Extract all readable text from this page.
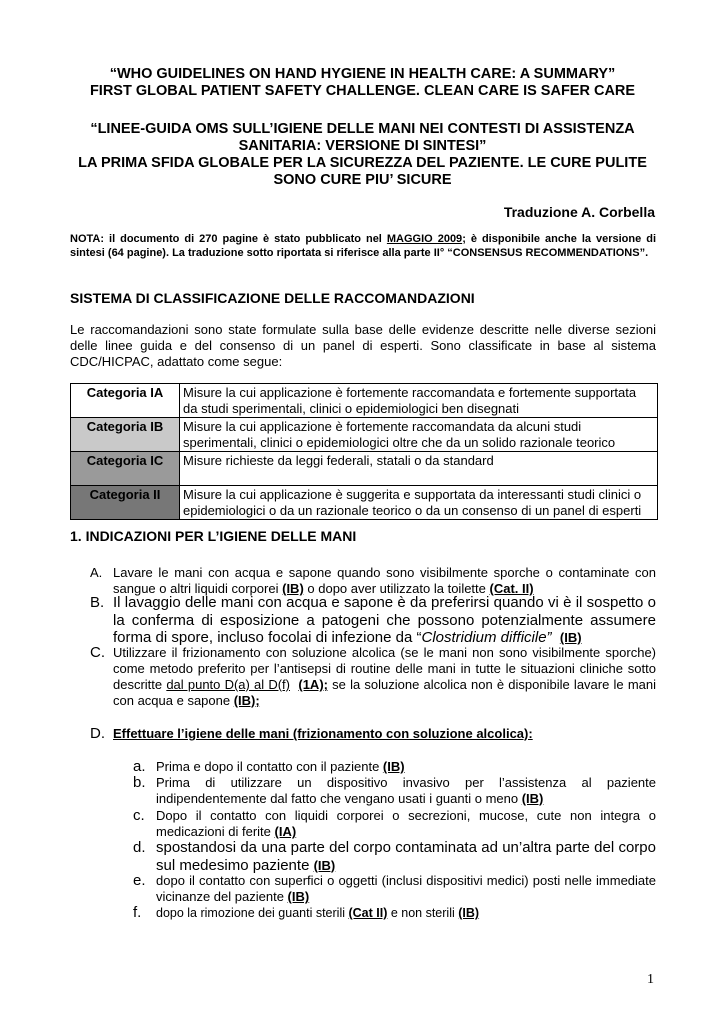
“WHO GUIDELINES ON HAND HYGIENE IN HEALTH CARE: A SUMMARY”
FIRST GLOBAL PATIENT SAFETY CHALLENGE. CLEAN CARE IS SAFER CARE
“LINEE-GUIDA OMS SULL’IGIENE DELLE MANI NEI CONTESTI DI ASSISTENZA
SANITARIA: VERSIONE DI SINTESI”
LA PRIMA SFIDA GLOBALE PER LA SICUREZZA DEL PAZIENTE. LE CURE PULITE
SONO CURE PIU’ SICURE
Traduzione A. Corbella
NOTA: il documento di 270 pagine è stato pubblicato nel MAGGIO 2009; è disponibile anche la versione di sintesi (64 pagine). La traduzione sotto riportata si riferisce alla parte II° “CONSENSUS RECOMMENDATIONS”.
SISTEMA DI CLASSIFICAZIONE DELLE RACCOMANDAZIONI
Le raccomandazioni sono state formulate sulla base delle evidenze descritte nelle diverse sezioni delle linee guida e del consenso di un panel di esperti. Sono classificate in base al sistema CDC/HICPAC, adattato come segue:
Categoria IA	Misure la cui applicazione è fortemente raccomandata e fortemente supportata da studi sperimentali, clinici o epidemiologici ben disegnati
Categoria IB	Misure la cui applicazione è fortemente raccomandata da alcuni studi sperimentali, clinici o epidemiologici oltre che da un solido razionale teorico
Categoria IC	Misure richieste da leggi federali, statali o da standard
Categoria II	Misure la cui applicazione è suggerita e supportata da interessanti studi clinici o epidemiologici o da un razionale teorico o da un consenso di un panel di esperti
1. INDICAZIONI PER L’IGIENE DELLE MANI
A. Lavare le mani con acqua e sapone quando sono visibilmente sporche o contaminate con sangue o altri liquidi corporei (IB) o dopo aver utilizzato la toilette (Cat. II)
B. Il lavaggio delle mani con acqua e sapone è da preferirsi quando vi è il sospetto o la conferma di esposizione a patogeni che possono potenzialmente assumere forma di spore, incluso focolai di infezione da “Clostridium difficile” (IB)
C. Utilizzare il frizionamento con soluzione alcolica (se le mani non sono visibilmente sporche) come metodo preferito per l’antisepsi di routine delle mani in tutte le situazioni cliniche sotto descritte dal punto D(a) al D(f) (1A); se la soluzione alcolica non è disponibile lavare le mani con acqua e sapone (IB);
D. Effettuare l’igiene delle mani (frizionamento con soluzione alcolica):
a. Prima e dopo il contatto con il paziente (IB)
b. Prima di utilizzare un dispositivo invasivo per l’assistenza al paziente indipendentemente dal fatto che vengano usati i guanti o meno (IB)
c. Dopo il contatto con liquidi corporei o secrezioni, mucose, cute non integra o medicazioni di ferite (IA)
d. spostandosi da una parte del corpo contaminata ad un’altra parte del corpo sul medesimo paziente (IB)
e. dopo il contatto con superfici o oggetti (inclusi dispositivi medici) posti nelle immediate vicinanze del paziente (IB)
f. dopo la rimozione dei guanti sterili (Cat II) e non sterili (IB)
1
